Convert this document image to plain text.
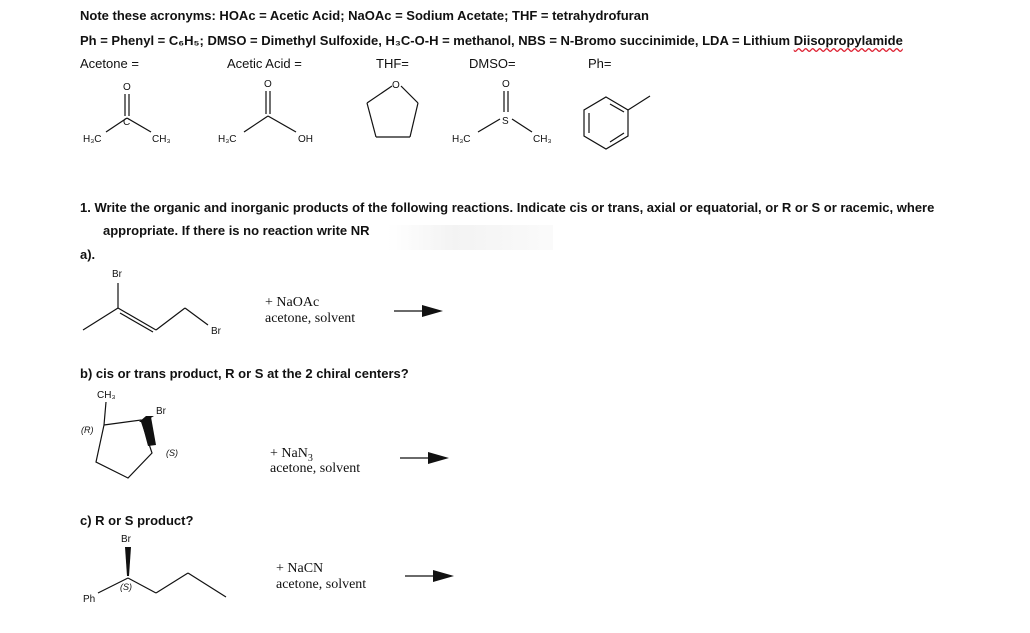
Note these acronyms: HOAc = Acetic Acid; NaOAc = Sodium Acetate; THF = tetrahydrofuran
Ph = Phenyl = C₆H₅; DMSO = Dimethyl Sulfoxide, H₃C-O-H = methanol, NBS = N-Bromo succinimide, LDA = Lithium Diisopropylamide
Acetone =	Acetic Acid =	THF=	DMSO=	Ph=
O
C
H₃C	CH₃
O
H₃C	OH
O	O
S
H₃C	CH₃
Br
Br
CH₃
Br
(R)
(S)
Br
Ph
(S)
1. Write the organic and inorganic products of the following reactions. Indicate cis or trans, axial or equatorial, or R or S or racemic, where
appropriate. If there is no reaction write NR
a).
+ NaOAc
acetone, solvent
b) cis or trans product, R or S at the 2 chiral centers?
+ NaN$_3$
acetone, solvent
c) R or S product?
+ NaCN
acetone, solvent
